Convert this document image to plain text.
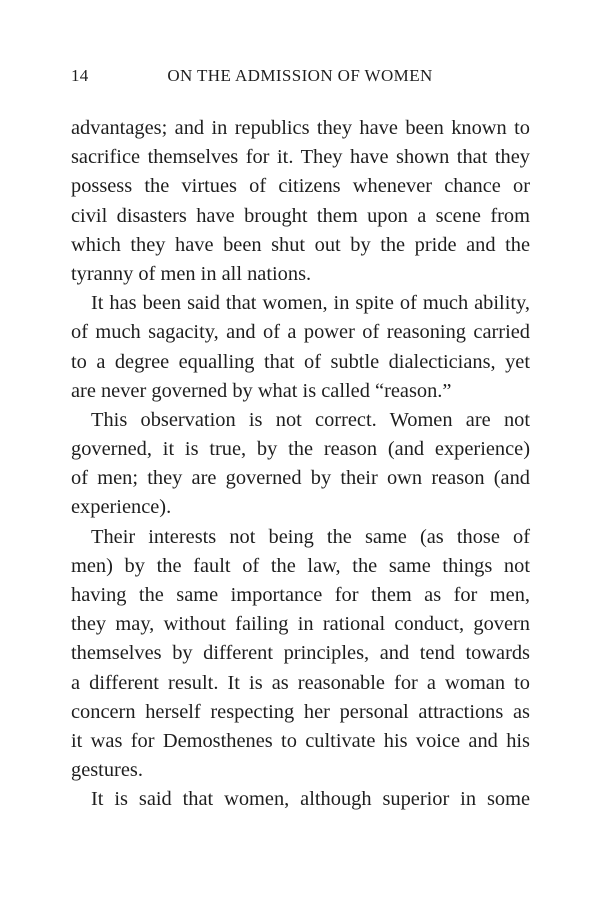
14	ON THE ADMISSION OF WOMEN
advantages; and in republics they have been known to
sacrifice themselves for it. They have shown that they
possess the virtues of citizens whenever chance or
civil disasters have brought them upon a scene from
which they have been shut out by the pride and the
tyranny of men in all nations.
It has been said that women, in spite of much ability,
of much sagacity, and of a power of reasoning carried
to a degree equalling that of subtle dialecticians, yet
are never governed by what is called “reason.”
This observation is not correct. Women are not
governed, it is true, by the reason (and experience)
of men; they are governed by their own reason (and
experience).
Their interests not being the same (as those of
men) by the fault of the law, the same things not
having the same importance for them as for men,
they may, without failing in rational conduct, govern
themselves by different principles, and tend towards
a different result. It is as reasonable for a woman to
concern herself respecting her personal attractions as
it was for Demosthenes to cultivate his voice and his
gestures.
It is said that women, although superior in some
